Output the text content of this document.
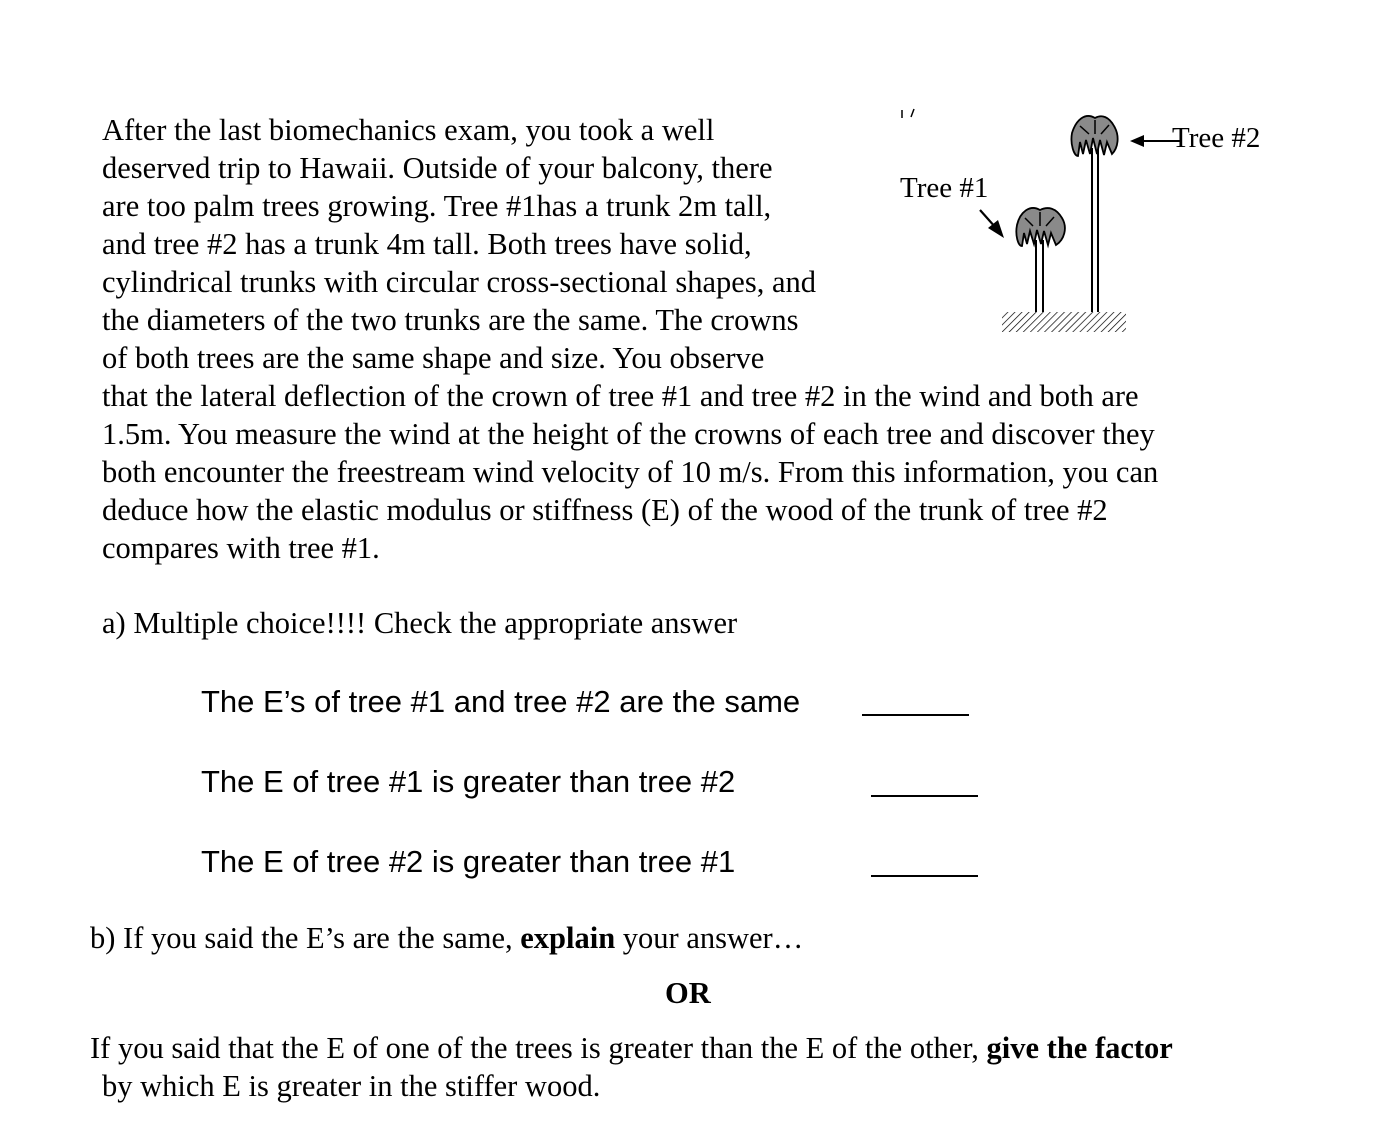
After the last biomechanics exam, you took a well
deserved trip to Hawaii. Outside of your balcony, there
are too palm trees growing. Tree #1has a trunk 2m tall,
and tree #2 has a trunk 4m tall. Both trees have solid,
cylindrical trunks with circular cross-sectional shapes, and
the diameters of the two trunks are the same. The crowns
of both trees are the same shape and size. You observe
that the lateral deflection of the crown of tree #1 and tree #2 in the wind and both are
1.5m. You measure the wind at the height of the crowns of each tree and discover they
both encounter the freestream wind velocity of 10 m/s. From this information, you can
deduce how the elastic modulus or stiffness (E) of the wood of the trunk of tree #2
compares with tree #1.
Tree #1
Tree #2
a) Multiple choice!!!! Check the appropriate answer
The E’s of tree #1 and tree #2 are the same
The E of tree #1 is greater than tree #2
The E of tree #2 is greater than tree #1
b) If you said the E’s are the same, explain your answer…
OR
If you said that the E of one of the trees is greater than the E of the other, give the factor
by which E is greater in the stiffer wood.
